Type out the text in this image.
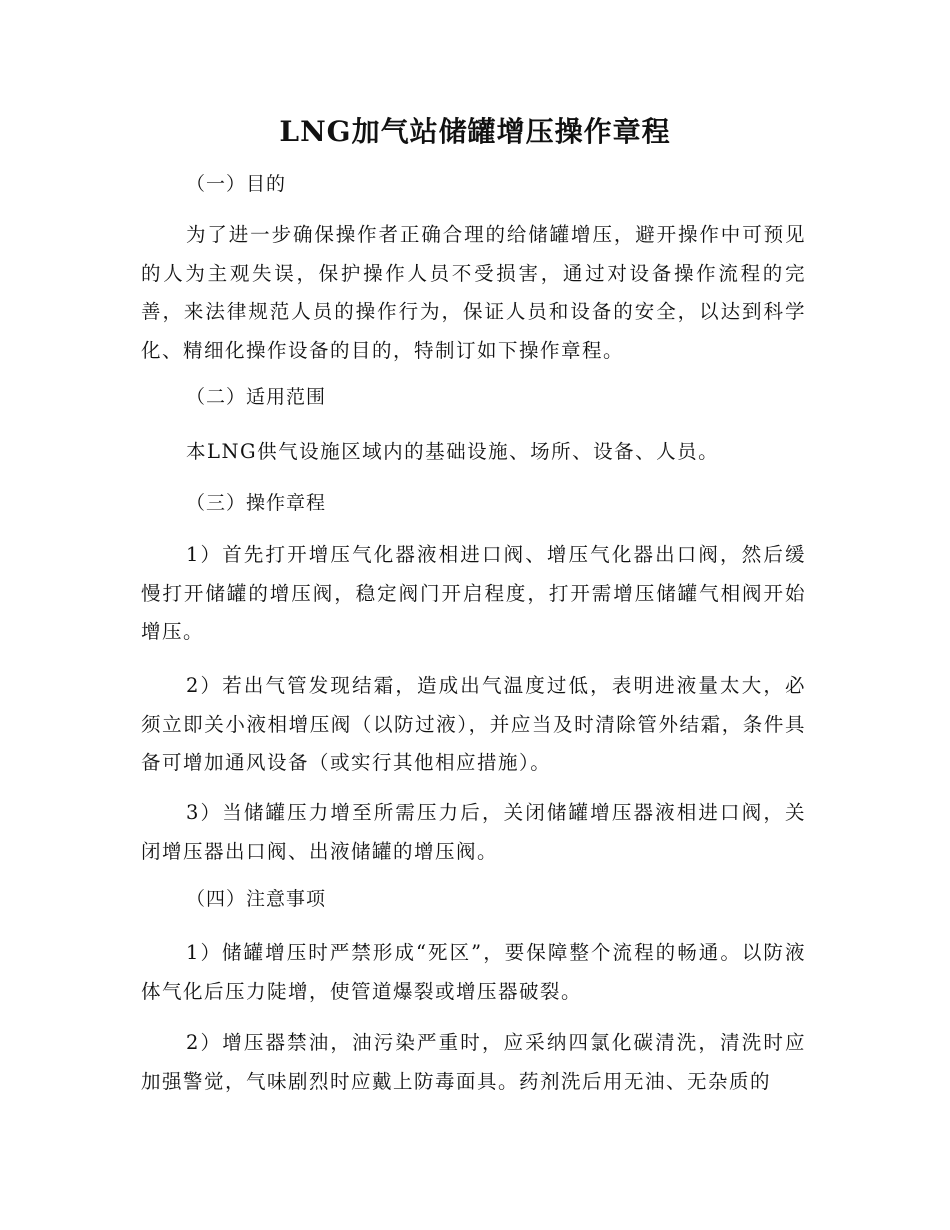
LNG加气站储罐增压操作章程

（一）目的

为了进一步确保操作者正确合理的给储罐增压，避开操作中可预见的人为主观失误，保护操作人员不受损害，通过对设备操作流程的完善，来法律规范人员的操作行为，保证人员和设备的安全，以达到科学化、精细化操作设备的目的，特制订如下操作章程。

（二）适用范围

本LNG供气设施区域内的基础设施、场所、设备、人员。

（三）操作章程

1）首先打开增压气化器液相进口阀、增压气化器出口阀，然后缓慢打开储罐的增压阀，稳定阀门开启程度，打开需增压储罐气相阀开始增压。

2）若出气管发现结霜，造成出气温度过低，表明进液量太大，必须立即关小液相增压阀（以防过液），并应当及时清除管外结霜，条件具备可增加通风设备（或实行其他相应措施）。

3）当储罐压力增至所需压力后，关闭储罐增压器液相进口阀，关闭增压器出口阀、出液储罐的增压阀。

（四）注意事项

1）储罐增压时严禁形成“死区”，要保障整个流程的畅通。以防液体气化后压力陡增，使管道爆裂或增压器破裂。

2）增压器禁油，油污染严重时，应采纳四氯化碳清洗，清洗时应加强警觉，气味剧烈时应戴上防毒面具。药剂洗后用无油、无杂质的
